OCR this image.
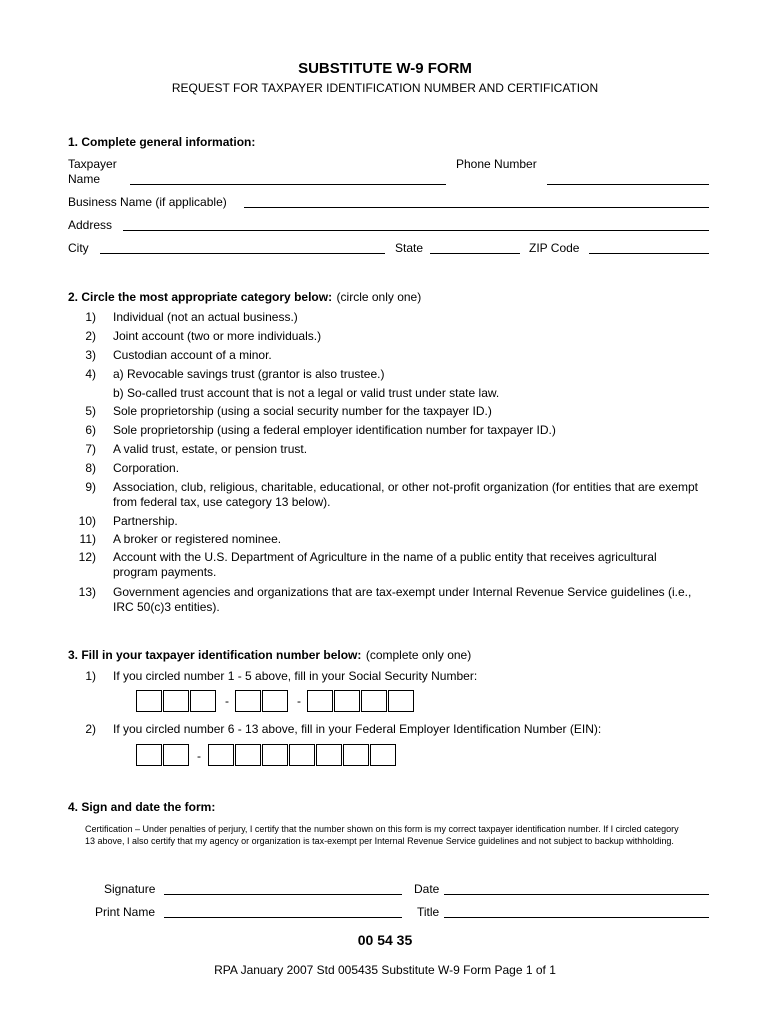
SUBSTITUTE W-9 FORM
REQUEST FOR TAXPAYER IDENTIFICATION NUMBER AND CERTIFICATION
1. Complete general information:
Taxpayer
Name
Phone Number
Business Name (if applicable)
Address
City	State	ZIP Code
2. Circle the most appropriate category below: (circle only one)
1) Individual (not an actual business.)
2) Joint account (two or more individuals.)
3) Custodian account of a minor.
4) a) Revocable savings trust (grantor is also trustee.)
b) So-called trust account that is not a legal or valid trust under state law.
5) Sole proprietorship (using a social security number for the taxpayer ID.)
6) Sole proprietorship (using a federal employer identification number for taxpayer ID.)
7) A valid trust, estate, or pension trust.
8) Corporation.
9) Association, club, religious, charitable, educational, or other not-profit organization (for entities that are exempt from federal tax, use category 13 below).
10) Partnership.
11) A broker or registered nominee.
12) Account with the U.S. Department of Agriculture in the name of a public entity that receives agricultural program payments.
13) Government agencies and organizations that are tax-exempt under Internal Revenue Service guidelines (i.e., IRC 50(c)3 entities).
3. Fill in your taxpayer identification number below: (complete only one)
1) If you circled number 1 - 5 above, fill in your Social Security Number:
-	-
2) If you circled number 6 - 13 above, fill in your Federal Employer Identification Number (EIN):
-
4. Sign and date the form:
Certification – Under penalties of perjury, I certify that the number shown on this form is my correct taxpayer identification number. If I circled category 13 above, I also certify that my agency or organization is tax-exempt per Internal Revenue Service guidelines and not subject to backup withholding.
Signature	Date
Print Name	Title
00 54 35
RPA January 2007 Std 005435 Substitute W-9 Form Page 1 of 1
